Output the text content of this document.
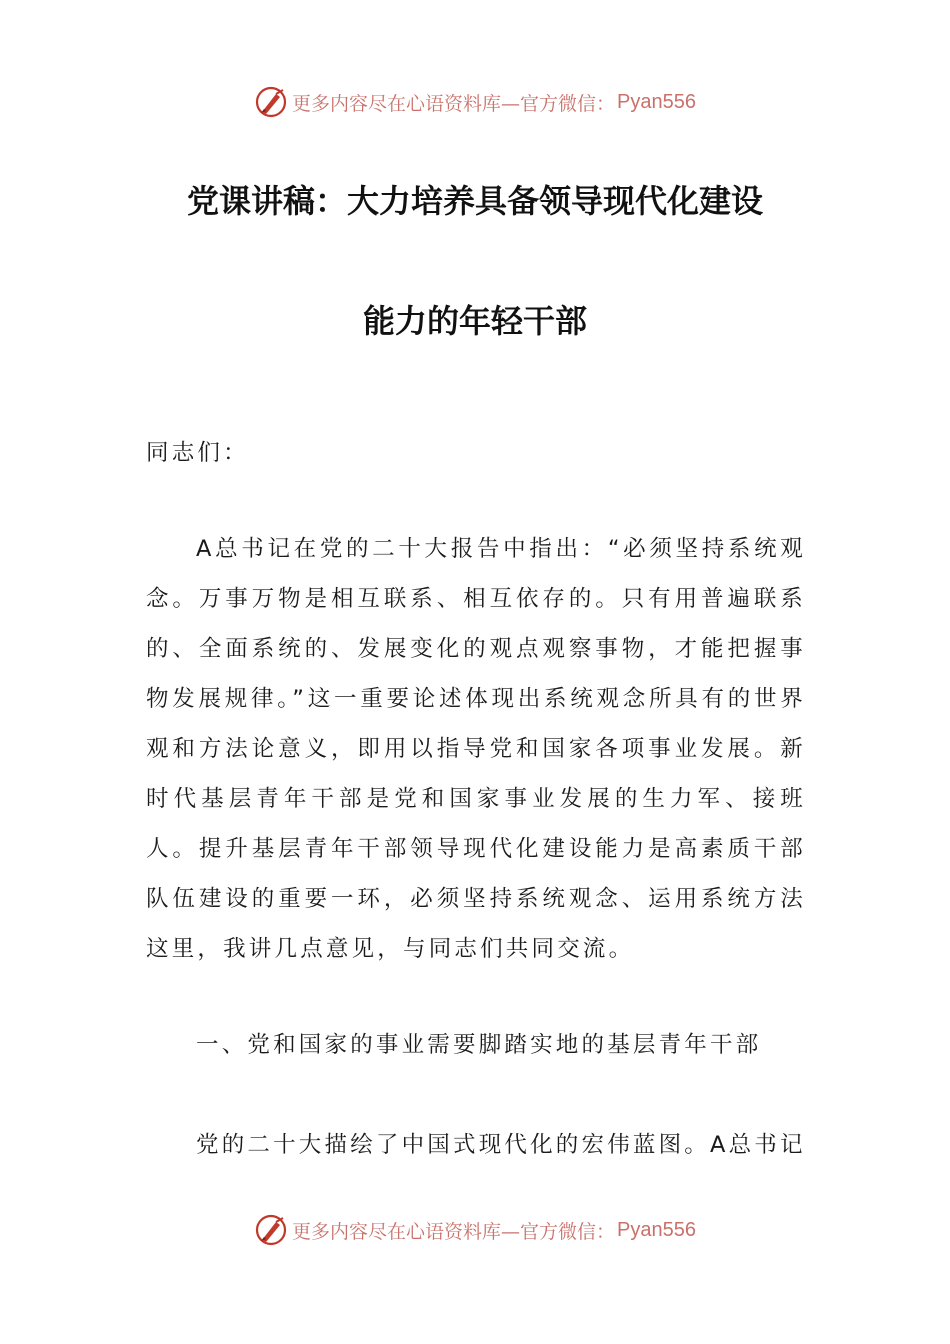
更多内容尽在心语资料库—官方微信： Pyan556
党课讲稿：大力培养具备领导现代化建设
能力的年轻干部

同志们：

A总书记在党的二十大报告中指出：“必须坚持系统观念。万事万物是相互联系、相互依存的。只有用普遍联系的、全面系统的、发展变化的观点观察事物，才能把握事物发展规律。”这一重要论述体现出系统观念所具有的世界观和方法论意义，即用以指导党和国家各项事业发展。新时代基层青年干部是党和国家事业发展的生力军、接班人。提升基层青年干部领导现代化建设能力是高素质干部队伍建设的重要一环，必须坚持系统观念、运用系统方法这里，我讲几点意见，与同志们共同交流。

一、党和国家的事业需要脚踏实地的基层青年干部

党的二十大描绘了中国式现代化的宏伟蓝图。A总书记

更多内容尽在心语资料库—官方微信： Pyan556
